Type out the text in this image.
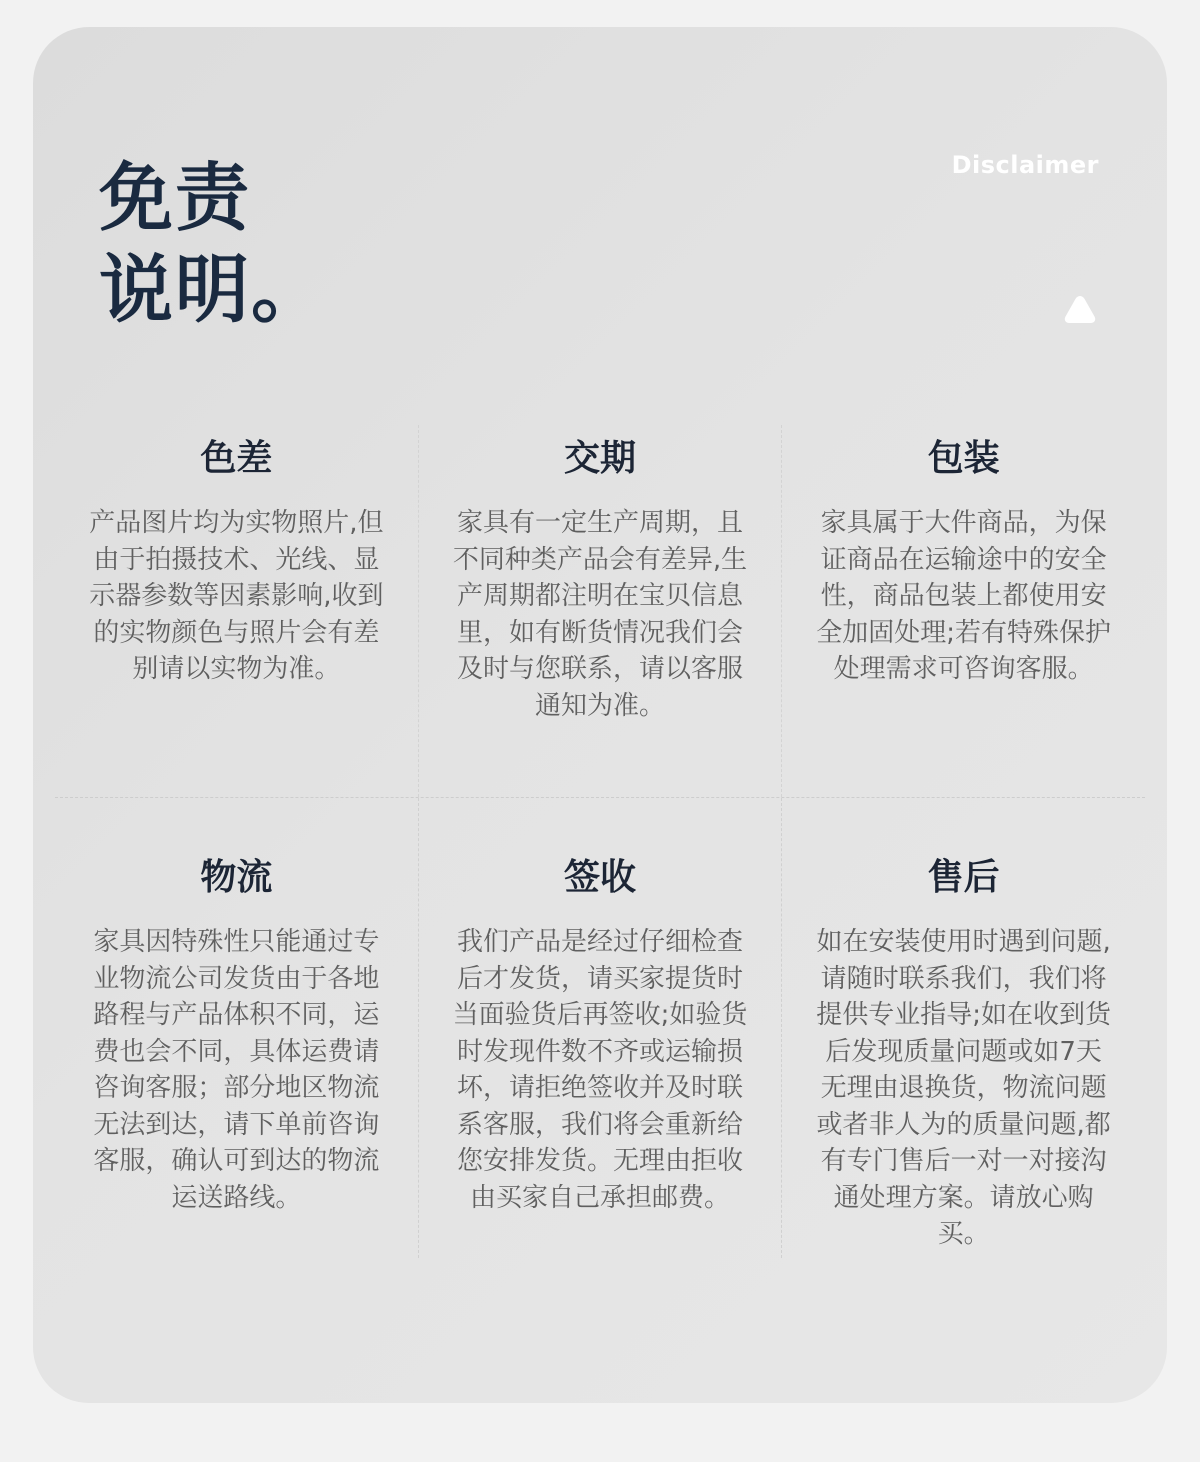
免责
说明。
Disclaimer
色差

产品图片均为实物照片,但由于拍摄技术、光线、显示器参数等因素影响,收到的实物颜色与照片会有差别请以实物为准。

交期

家具有一定生产周期，且不同种类产品会有差异,生产周期都注明在宝贝信息里，如有断货情况我们会及时与您联系，请以客服通知为准。

包装

家具属于大件商品，为保证商品在运输途中的安全性，商品包装上都使用安全加固处理;若有特殊保护处理需求可咨询客服。

物流

家具因特殊性只能通过专业物流公司发货由于各地路程与产品体积不同，运费也会不同，具体运费请咨询客服；部分地区物流无法到达，请下单前咨询客服，确认可到达的物流运送路线。

签收

我们产品是经过仔细检查后才发货，请买家提货时当面验货后再签收;如验货时发现件数不齐或运输损坏，请拒绝签收并及时联系客服，我们将会重新给您安排发货。无理由拒收由买家自己承担邮费。

售后

如在安装使用时遇到问题,请随时联系我们，我们将提供专业指导;如在收到货后发现质量问题或如7天无理由退换货，物流问题或者非人为的质量问题,都有专门售后一对一对接沟通处理方案。请放心购买。
